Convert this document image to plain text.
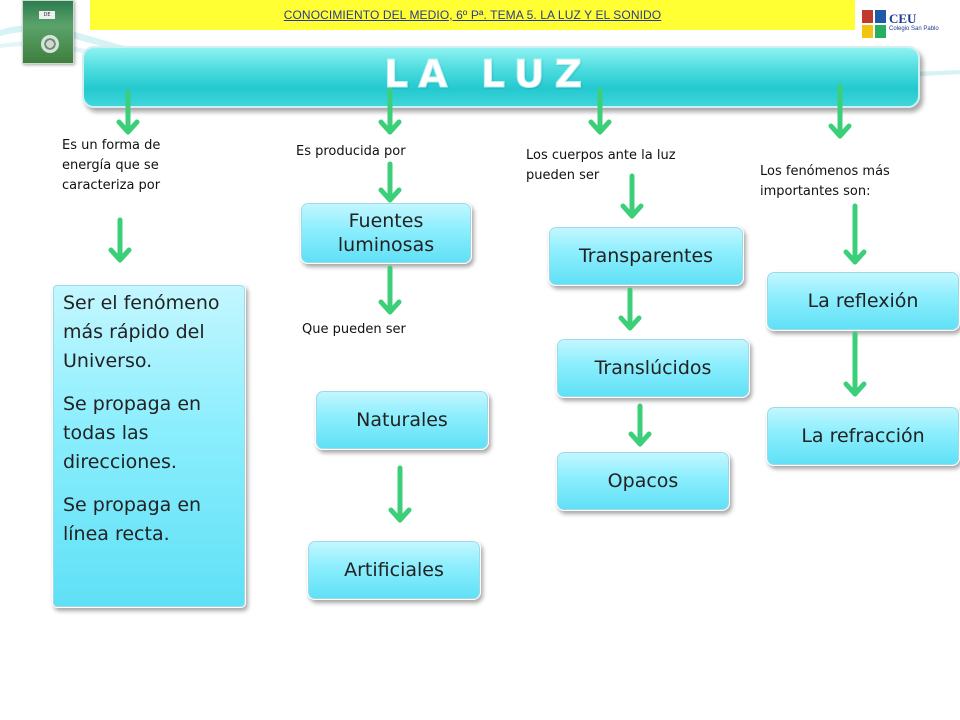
DE	CONOCIMIENTO DEL MEDIO, 6º Pª. TEMA 5. LA LUZ Y EL SONIDO	CEU
Colegio San Pablo
LA LUZ
Es un forma de energía que se caracteriza por
Es producida por	Los cuerpos ante la luz pueden ser	Los fenómenos más importantes son:
Que pueden ser

Ser el fenómeno más rápido del Universo.

Se propaga en todas las direcciones.

Se propaga en línea recta.

Fuentes luminosas
Naturales
Artificiales
Transparentes
Translúcidos
Opacos
La reflexión
La refracción
